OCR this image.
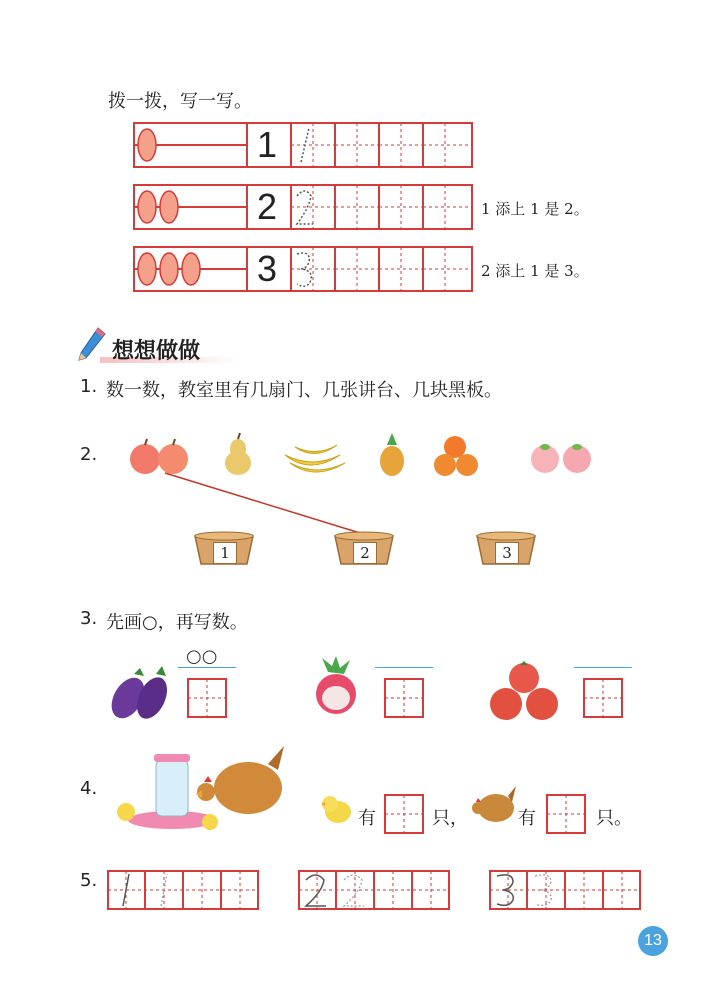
拨一拨，写一写。
1
2	1 添上 1 是 2。
3	2 添上 1 是 3。
想想做做
1. 数一数，教室里有几扇门、几张讲台、几块黑板。
2.
1	2	3
3. 先画○，再写数。
○○
4.
有	只，	有	只。
5.
13
